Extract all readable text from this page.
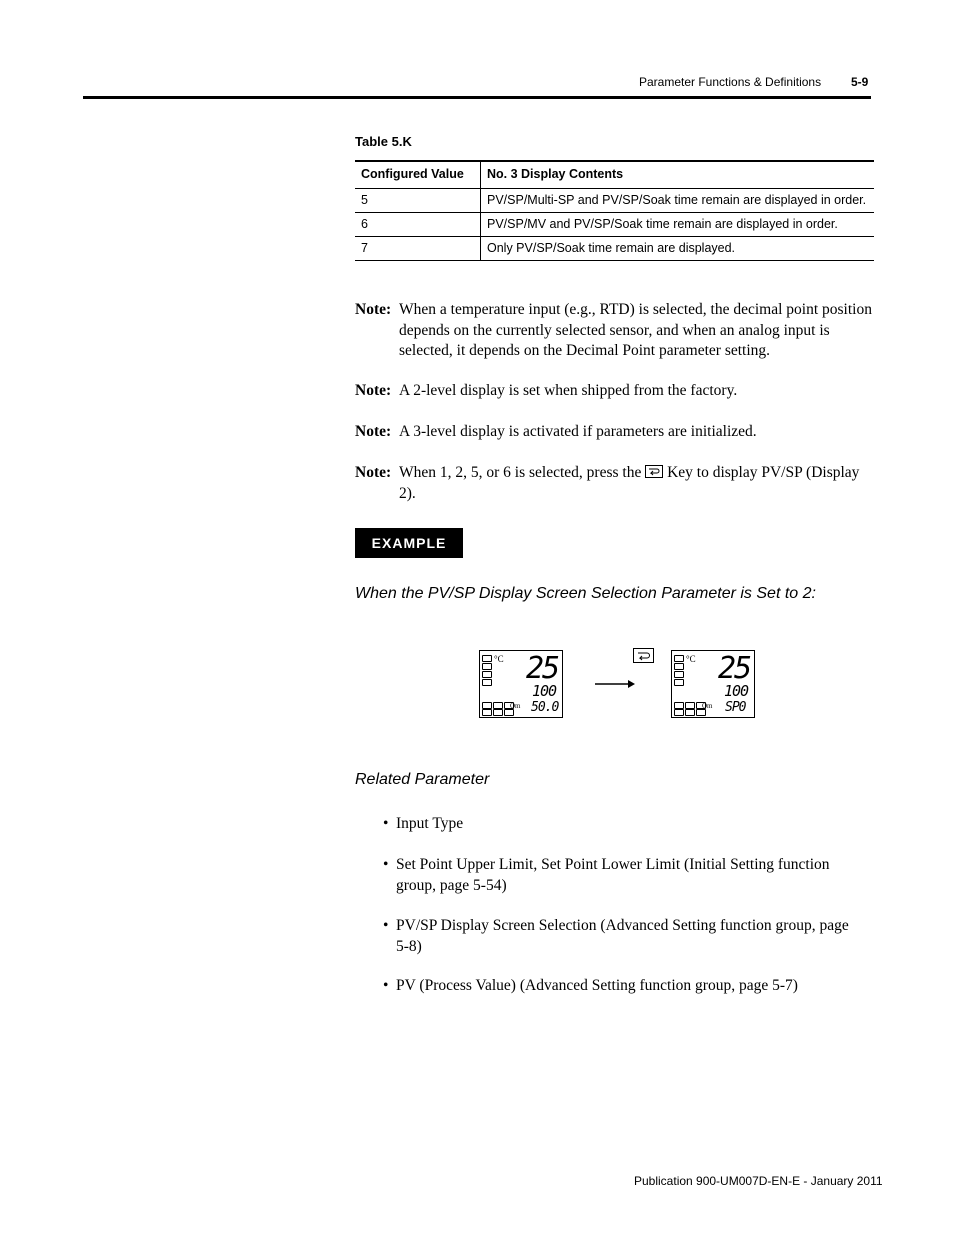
Parameter Functions & Definitions 5-9
Table 5.K
Configured Value	No. 3 Display Contents
5	PV/SP/Multi-SP and PV/SP/Soak time remain are displayed in order.
6	PV/SP/MV and PV/SP/Soak time remain are displayed in order.
7	Only PV/SP/Soak time remain are displayed.
Note: When a temperature input (e.g., RTD) is selected, the decimal point position depends on the currently selected sensor, and when an analog input is selected, it depends on the Decimal Point parameter setting.
Note: A 2-level display is set when shipped from the factory.
Note: A 3-level display is activated if parameters are initialized.
Note: When 1, 2, 5, or 6 is selected, press the Key to display PV/SP (Display 2).
EXAMPLE
When the PV/SP Display Screen Selection Parameter is Set to 2:
°C
Om
25
100
50.0
°C
Om
25
100
SP0
Related Parameter
• Input Type
• Set Point Upper Limit, Set Point Lower Limit (Initial Setting function group, page 5-54)
• PV/SP Display Screen Selection (Advanced Setting function group, page 5-8)
• PV (Process Value) (Advanced Setting function group, page 5-7)
Publication 900-UM007D-EN-E - January 2011
